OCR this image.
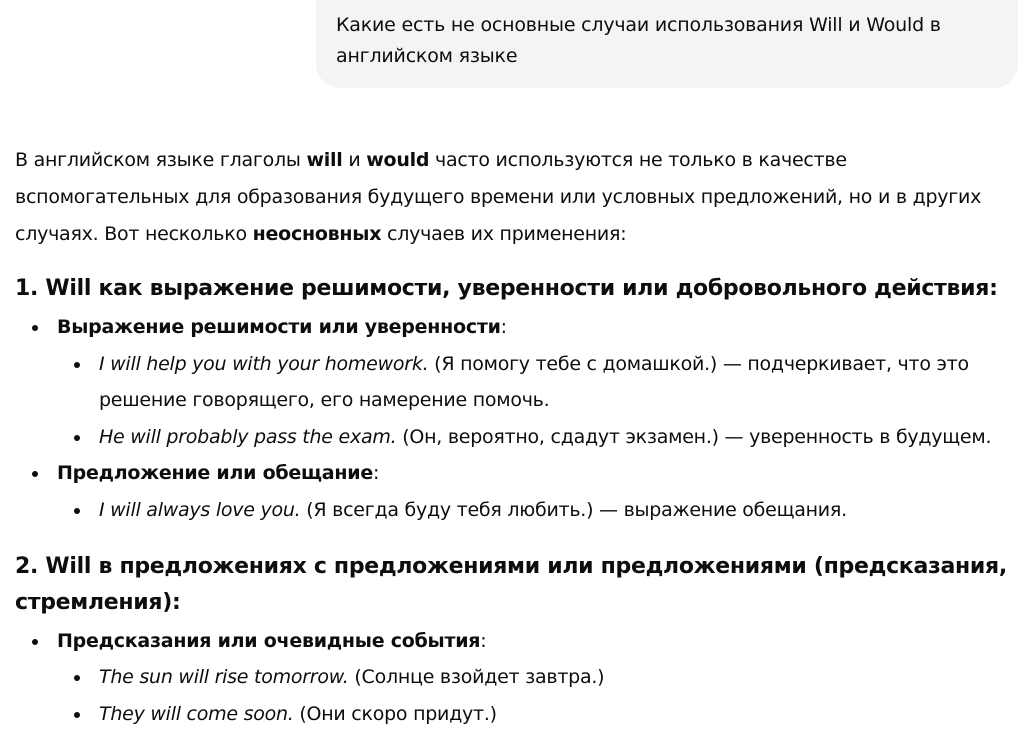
Какие есть не основные случаи использования Will и Would в
английском языке

В английском языке глаголы will и would часто используются не только в качестве вспомогательных для образования будущего времени или условных предложений, но и в других случаях. Вот несколько неосновных случаев их применения:

1. Will как выражение решимости, уверенности или добровольного действия:
Выражение решимости или уверенности:
I will help you with your homework. (Я помогу тебе с домашкой.) — подчеркивает, что это решение говорящего, его намерение помочь.
He will probably pass the exam. (Он, вероятно, сдадут экзамен.) — уверенность в будущем.
Предложение или обещание:
I will always love you. (Я всегда буду тебя любить.) — выражение обещания.
2. Will в предложениях с предложениями или предложениями (предсказания, стремления):
Предсказания или очевидные события:
The sun will rise tomorrow. (Солнце взойдет завтра.)
They will come soon. (Они скоро придут.)
